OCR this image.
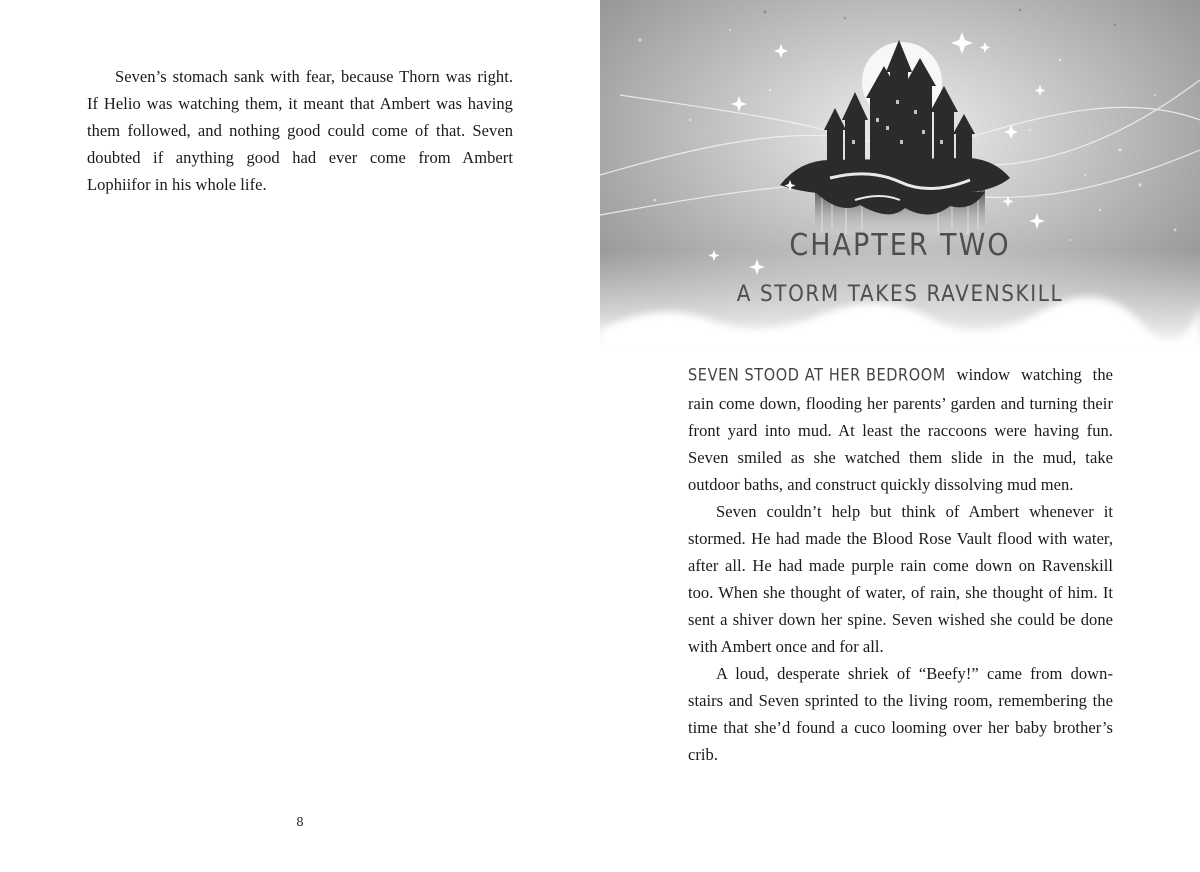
Seven’s stomach sank with fear, because Thorn was right. If Helio was watching them, it meant that Ambert was having them followed, and nothing good could come of that. Seven doubted if anything good had ever come from Ambert Lophiifor in his whole life.

8
CHAPTER TWO
A STORM TAKES RAVENSKILL

SEVEN STOOD AT HER BEDROOM window watching the rain come down, flooding her parents’ garden and turning their front yard into mud. At least the raccoons were having fun. Seven smiled as she watched them slide in the mud, take outdoor baths, and construct quickly dissolving mud men.

Seven couldn’t help but think of Ambert whenever it stormed. He had made the Blood Rose Vault flood with water, after all. He had made purple rain come down on Ravenskill too. When she thought of water, of rain, she thought of him. It sent a shiver down her spine. Seven wished she could be done with Ambert once and for all.

A loud, desperate shriek of “Beefy!” came from down-stairs and Seven sprinted to the living room, remembering the time that she’d found a cuco looming over her baby brother’s crib.
